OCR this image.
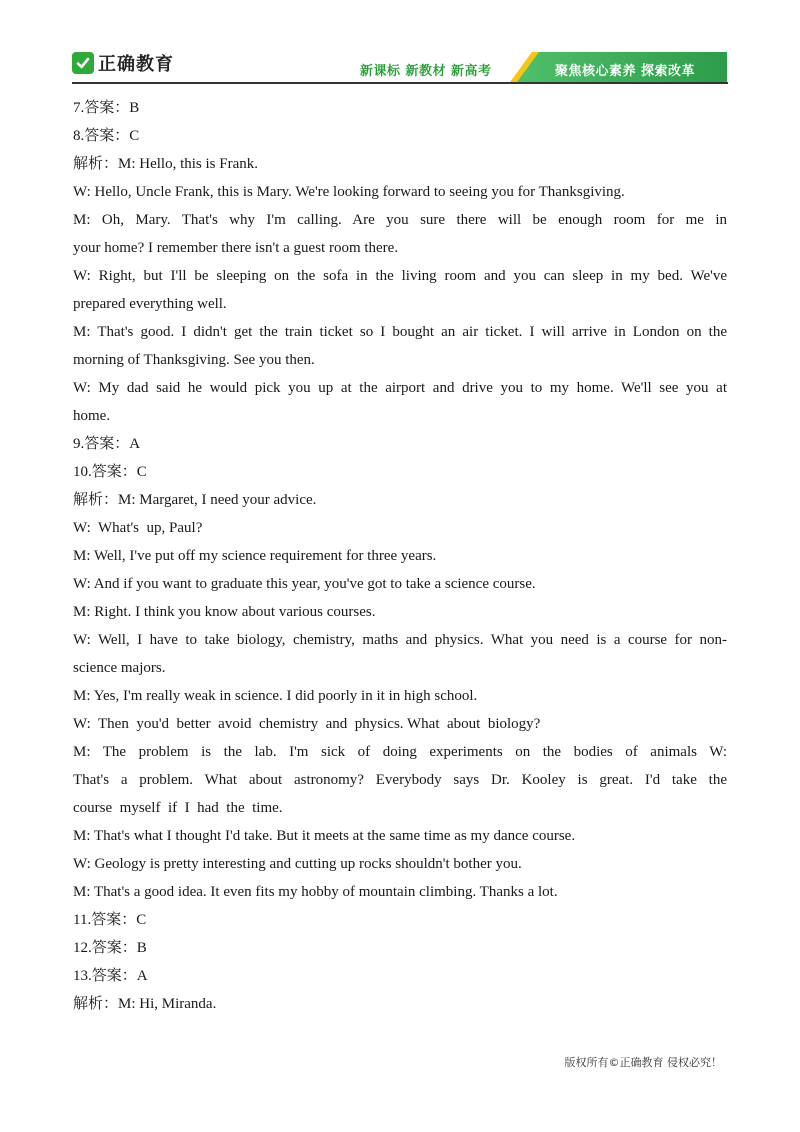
正确教育	新课标 新教材 新高考	聚焦核心素养 探索改革
7.答案：B
8.答案：C
解析：M: Hello, this is Frank.
W: Hello, Uncle Frank, this is Mary. We're looking forward to seeing you for Thanksgiving.
M: Oh, Mary. That's why I'm calling. Are you sure there will be enough room for me in
your home? I remember there isn't a guest room there.
W: Right, but I'll be sleeping on the sofa in the living room and you can sleep in my bed. We've
prepared everything well.
M: That's good. I didn't get the train ticket so I bought an air ticket. I will arrive in London on the
morning of Thanksgiving. See you then.
W: My dad said he would pick you up at the airport and drive you to my home. We'll see you at
home.
9.答案：A
10.答案：C
解析：M: Margaret, I need your advice.
W:  What's  up, Paul?
M: Well, I've put off my science requirement for three years.
W: And if you want to graduate this year, you've got to take a science course.
M: Right. I think you know about various courses.
W: Well, I have to take biology, chemistry, maths and physics. What you need is a course for non-
science majors.
M: Yes, I'm really weak in science. I did poorly in it in high school.
W:  Then  you'd  better  avoid  chemistry  and  physics. What  about  biology?
M: The problem is the lab. I'm sick of doing experiments on the bodies of animals W:
That's a problem. What about astronomy? Everybody says Dr. Kooley is great. I'd take the
course  myself  if  I  had  the  time.
M: That's what I thought I'd take. But it meets at the same time as my dance course.
W: Geology is pretty interesting and cutting up rocks shouldn't bother you.
M: That's a good idea. It even fits my hobby of mountain climbing. Thanks a lot.
11.答案：C
12.答案：B
13.答案：A
解析：M: Hi, Miranda.
版权所有©正确教育 侵权必究！
